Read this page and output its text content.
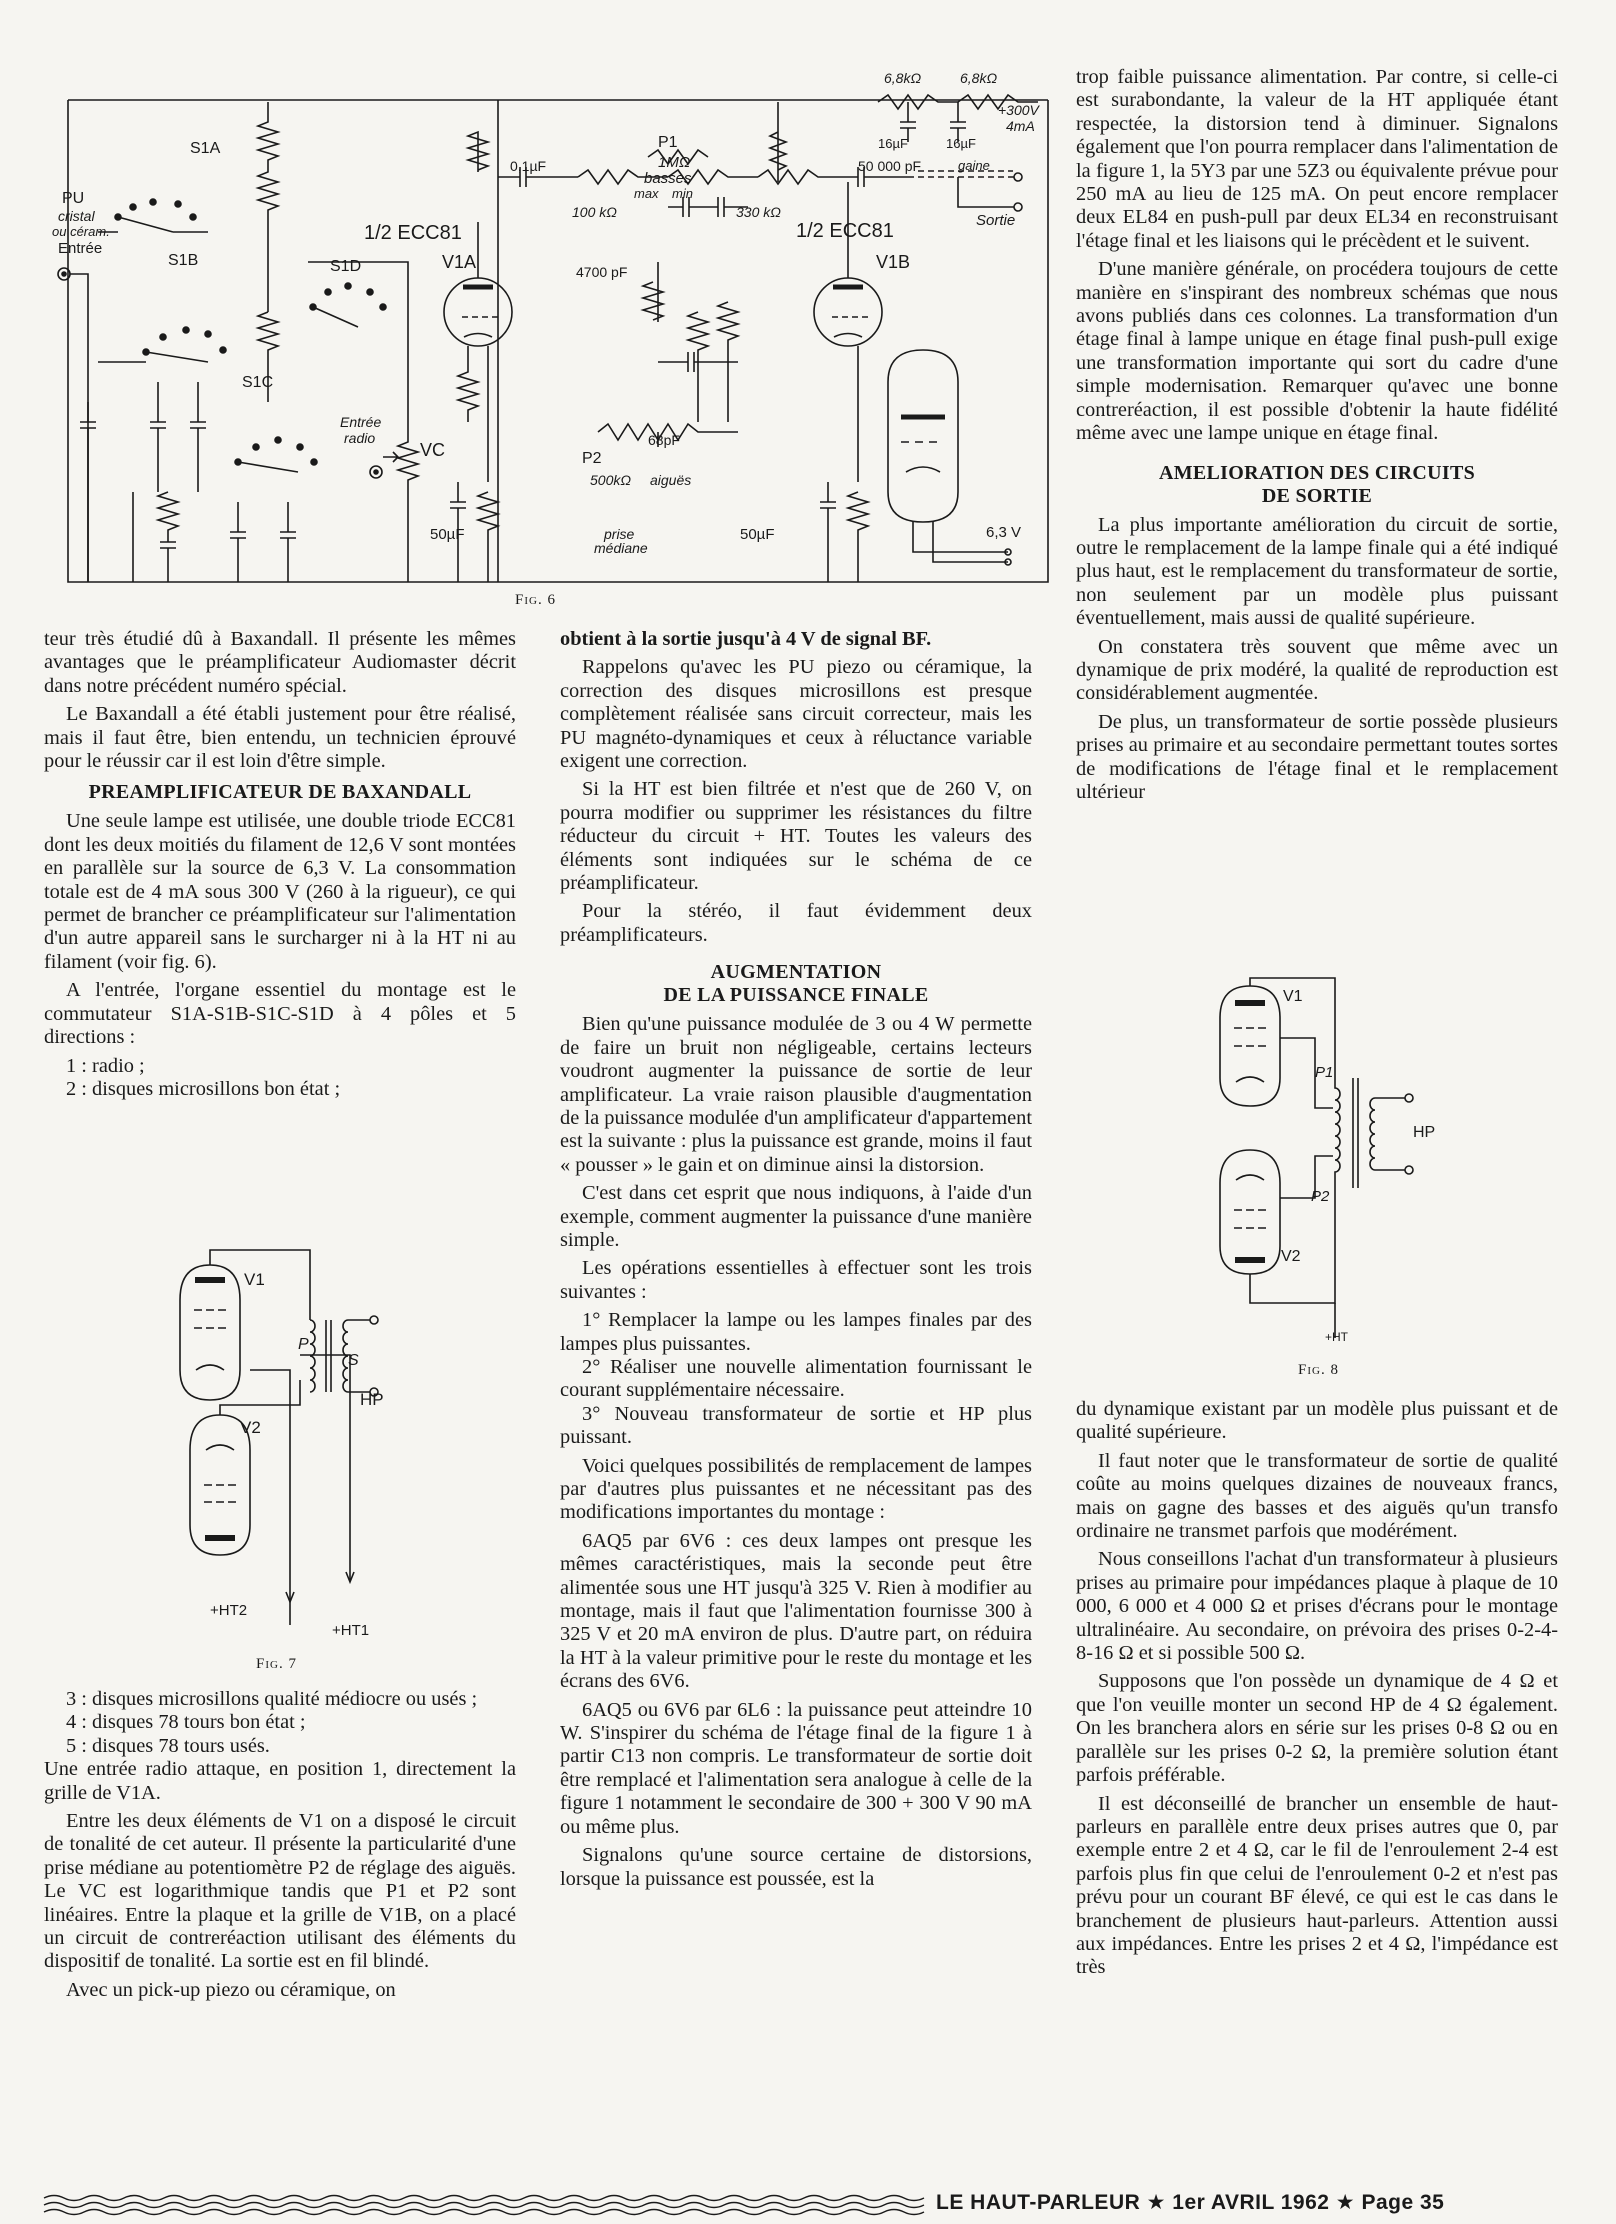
PU
cristal
ou céram.
Entrée
S1A
S1B
S1C
S1D
Entrée
radio
VC
1/2 ECC81
V1A
1/2 ECC81
V1B
P1
1MΩ
basses
P2
500kΩ aiguës
prise
médiane
+300V
4mA
Sortie
gaine
6,3 V
0,1µF
100 kΩ	330 kΩ
4700 pF
68pF
50µF	50µF
16µF	16µF
50 000 pF
6,8kΩ	6,8kΩ
max min
Fig. 6

teur très étudié dû à Baxandall. Il présente les mêmes avantages que le préamplificateur Audiomaster décrit dans notre précédent numéro spécial.

Le Baxandall a été établi justement pour être réalisé, mais il faut être, bien entendu, un technicien éprouvé pour le réussir car il est loin d'être simple.

PREAMPLIFICATEUR DE BAXANDALL

Une seule lampe est utilisée, une double triode ECC81 dont les deux moitiés du filament de 12,6 V sont montées en parallèle sur la source de 6,3 V. La consommation totale est de 4 mA sous 300 V (260 à la rigueur), ce qui permet de brancher ce préamplificateur sur l'alimentation d'un autre appareil sans le surcharger ni à la HT ni au filament (voir fig. 6).

A l'entrée, l'organe essentiel du montage est le commutateur S1A-S1B-S1C-S1D à 4 pôles et 5 directions :

1 : radio ;

2 : disques microsillons bon état ;

V1
V2
P
S
HP
+HT2
+HT1
Fig. 7

3 : disques microsillons qualité médiocre ou usés ;

4 : disques 78 tours bon état ;

5 : disques 78 tours usés.

Une entrée radio attaque, en position 1, directement la grille de V1A.

Entre les deux éléments de V1 on a disposé le circuit de tonalité de cet auteur. Il présente la particularité d'une prise médiane au potentiomètre P2 de réglage des aiguës. Le VC est logarithmique tandis que P1 et P2 sont linéaires. Entre la plaque et la grille de V1B, on a placé un circuit de contreréaction utilisant des éléments du dispositif de tonalité. La sortie est en fil blindé.

Avec un pick-up piezo ou céramique, on

obtient à la sortie jusqu'à 4 V de signal BF.

Rappelons qu'avec les PU piezo ou céramique, la correction des disques microsillons est presque complètement réalisée sans circuit correcteur, mais les PU magnéto-dynamiques et ceux à réluctance variable exigent une correction.

Si la HT est bien filtrée et n'est que de 260 V, on pourra modifier ou supprimer les résistances du filtre réducteur du circuit + HT. Toutes les valeurs des éléments sont indiquées sur le schéma de ce préamplificateur.

Pour la stéréo, il faut évidemment deux préamplificateurs.

AUGMENTATION
DE LA PUISSANCE FINALE

Bien qu'une puissance modulée de 3 ou 4 W permette de faire un bruit non négligeable, certains lecteurs voudront augmenter la puissance de sortie de leur amplificateur. La vraie raison plausible d'augmentation de la puissance modulée d'un amplificateur d'appartement est la suivante : plus la puissance est grande, moins il faut « pousser » le gain et on diminue ainsi la distorsion.

C'est dans cet esprit que nous indiquons, à l'aide d'un exemple, comment augmenter la puissance d'une manière simple.

Les opérations essentielles à effectuer sont les trois suivantes :

1° Remplacer la lampe ou les lampes finales par des lampes plus puissantes.

2° Réaliser une nouvelle alimentation fournissant le courant supplémentaire nécessaire.

3° Nouveau transformateur de sortie et HP plus puissant.

Voici quelques possibilités de remplacement de lampes par d'autres plus puissantes et ne nécessitant pas des modifications importantes du montage :

6AQ5 par 6V6 : ces deux lampes ont presque les mêmes caractéristiques, mais la seconde peut être alimentée sous une HT jusqu'à 325 V. Rien à modifier au montage, mais il faut que l'alimentation fournisse 300 à 325 V et 20 mA environ de plus. D'autre part, on réduira la HT à la valeur primitive pour le reste du montage et les écrans des 6V6.

6AQ5 ou 6V6 par 6L6 : la puissance peut atteindre 10 W. S'inspirer du schéma de l'étage final de la figure 1 à partir C13 non compris. Le transformateur de sortie doit être remplacé et l'alimentation sera analogue à celle de la figure 1 notamment le secondaire de 300 + 300 V 90 mA ou même plus.

Signalons qu'une source certaine de distorsions, lorsque la puissance est poussée, est la

trop faible puissance alimentation. Par contre, si celle-ci est surabondante, la valeur de la HT appliquée étant respectée, la distorsion tend à diminuer. Signalons également que l'on pourra remplacer dans l'alimentation de la figure 1, la 5Y3 par une 5Z3 ou équivalente prévue pour 250 mA au lieu de 125 mA. On peut encore remplacer deux EL84 en push-pull par deux EL34 en reconstruisant l'étage final et les liaisons qui le précèdent et le suivent.

D'une manière générale, on procédera toujours de cette manière en s'inspirant des nombreux schémas que nous avons publiés dans ces colonnes. La transformation d'un étage final à lampe unique en étage final push-pull exige une transformation importante qui sort du cadre d'une simple modernisation. Remarquer qu'avec une bonne contreréaction, il est possible d'obtenir la haute fidélité même avec une lampe unique en étage final.

AMELIORATION DES CIRCUITS
DE SORTIE

La plus importante amélioration du circuit de sortie, outre le remplacement de la lampe finale qui a été indiqué plus haut, est le remplacement du transformateur de sortie, non seulement par un modèle plus puissant éventuellement, mais aussi de qualité supérieure.

On constatera très souvent que même avec un dynamique de prix modéré, la qualité de reproduction est considérablement augmentée.

De plus, un transformateur de sortie possède plusieurs prises au primaire et au secondaire permettant toutes sortes de modifications de l'étage final et le remplacement ultérieur

V1
V2
P1
P2
HP
+HT
Fig. 8

du dynamique existant par un modèle plus puissant et de qualité supérieure.

Il faut noter que le transformateur de sortie de qualité coûte au moins quelques dizaines de nouveaux francs, mais on gagne des basses et des aiguës qu'un transfo ordinaire ne transmet parfois que modérément.

Nous conseillons l'achat d'un transformateur à plusieurs prises au primaire pour impédances plaque à plaque de 10 000, 6 000 et 4 000 Ω et prises d'écrans pour le montage ultralinéaire. Au secondaire, on prévoira des prises 0-2-4-8-16 Ω et si possible 500 Ω.

Supposons que l'on possède un dynamique de 4 Ω et que l'on veuille monter un second HP de 4 Ω également. On les branchera alors en série sur les prises 0-8 Ω ou en parallèle sur les prises 0-2 Ω, la première solution étant parfois préférable.

Il est déconseillé de brancher un ensemble de haut-parleurs en parallèle entre deux prises autres que 0, par exemple entre 2 et 4 Ω, car le fil de l'enroulement 2-4 est parfois plus fin que celui de l'enroulement 0-2 et n'est pas prévu pour un courant BF élevé, ce qui est le cas dans le branchement de plusieurs haut-parleurs. Attention aussi aux impédances. Entre les prises 2 et 4 Ω, l'impédance est très

LE HAUT-PARLEUR ★ 1er AVRIL 1962 ★ Page 35
